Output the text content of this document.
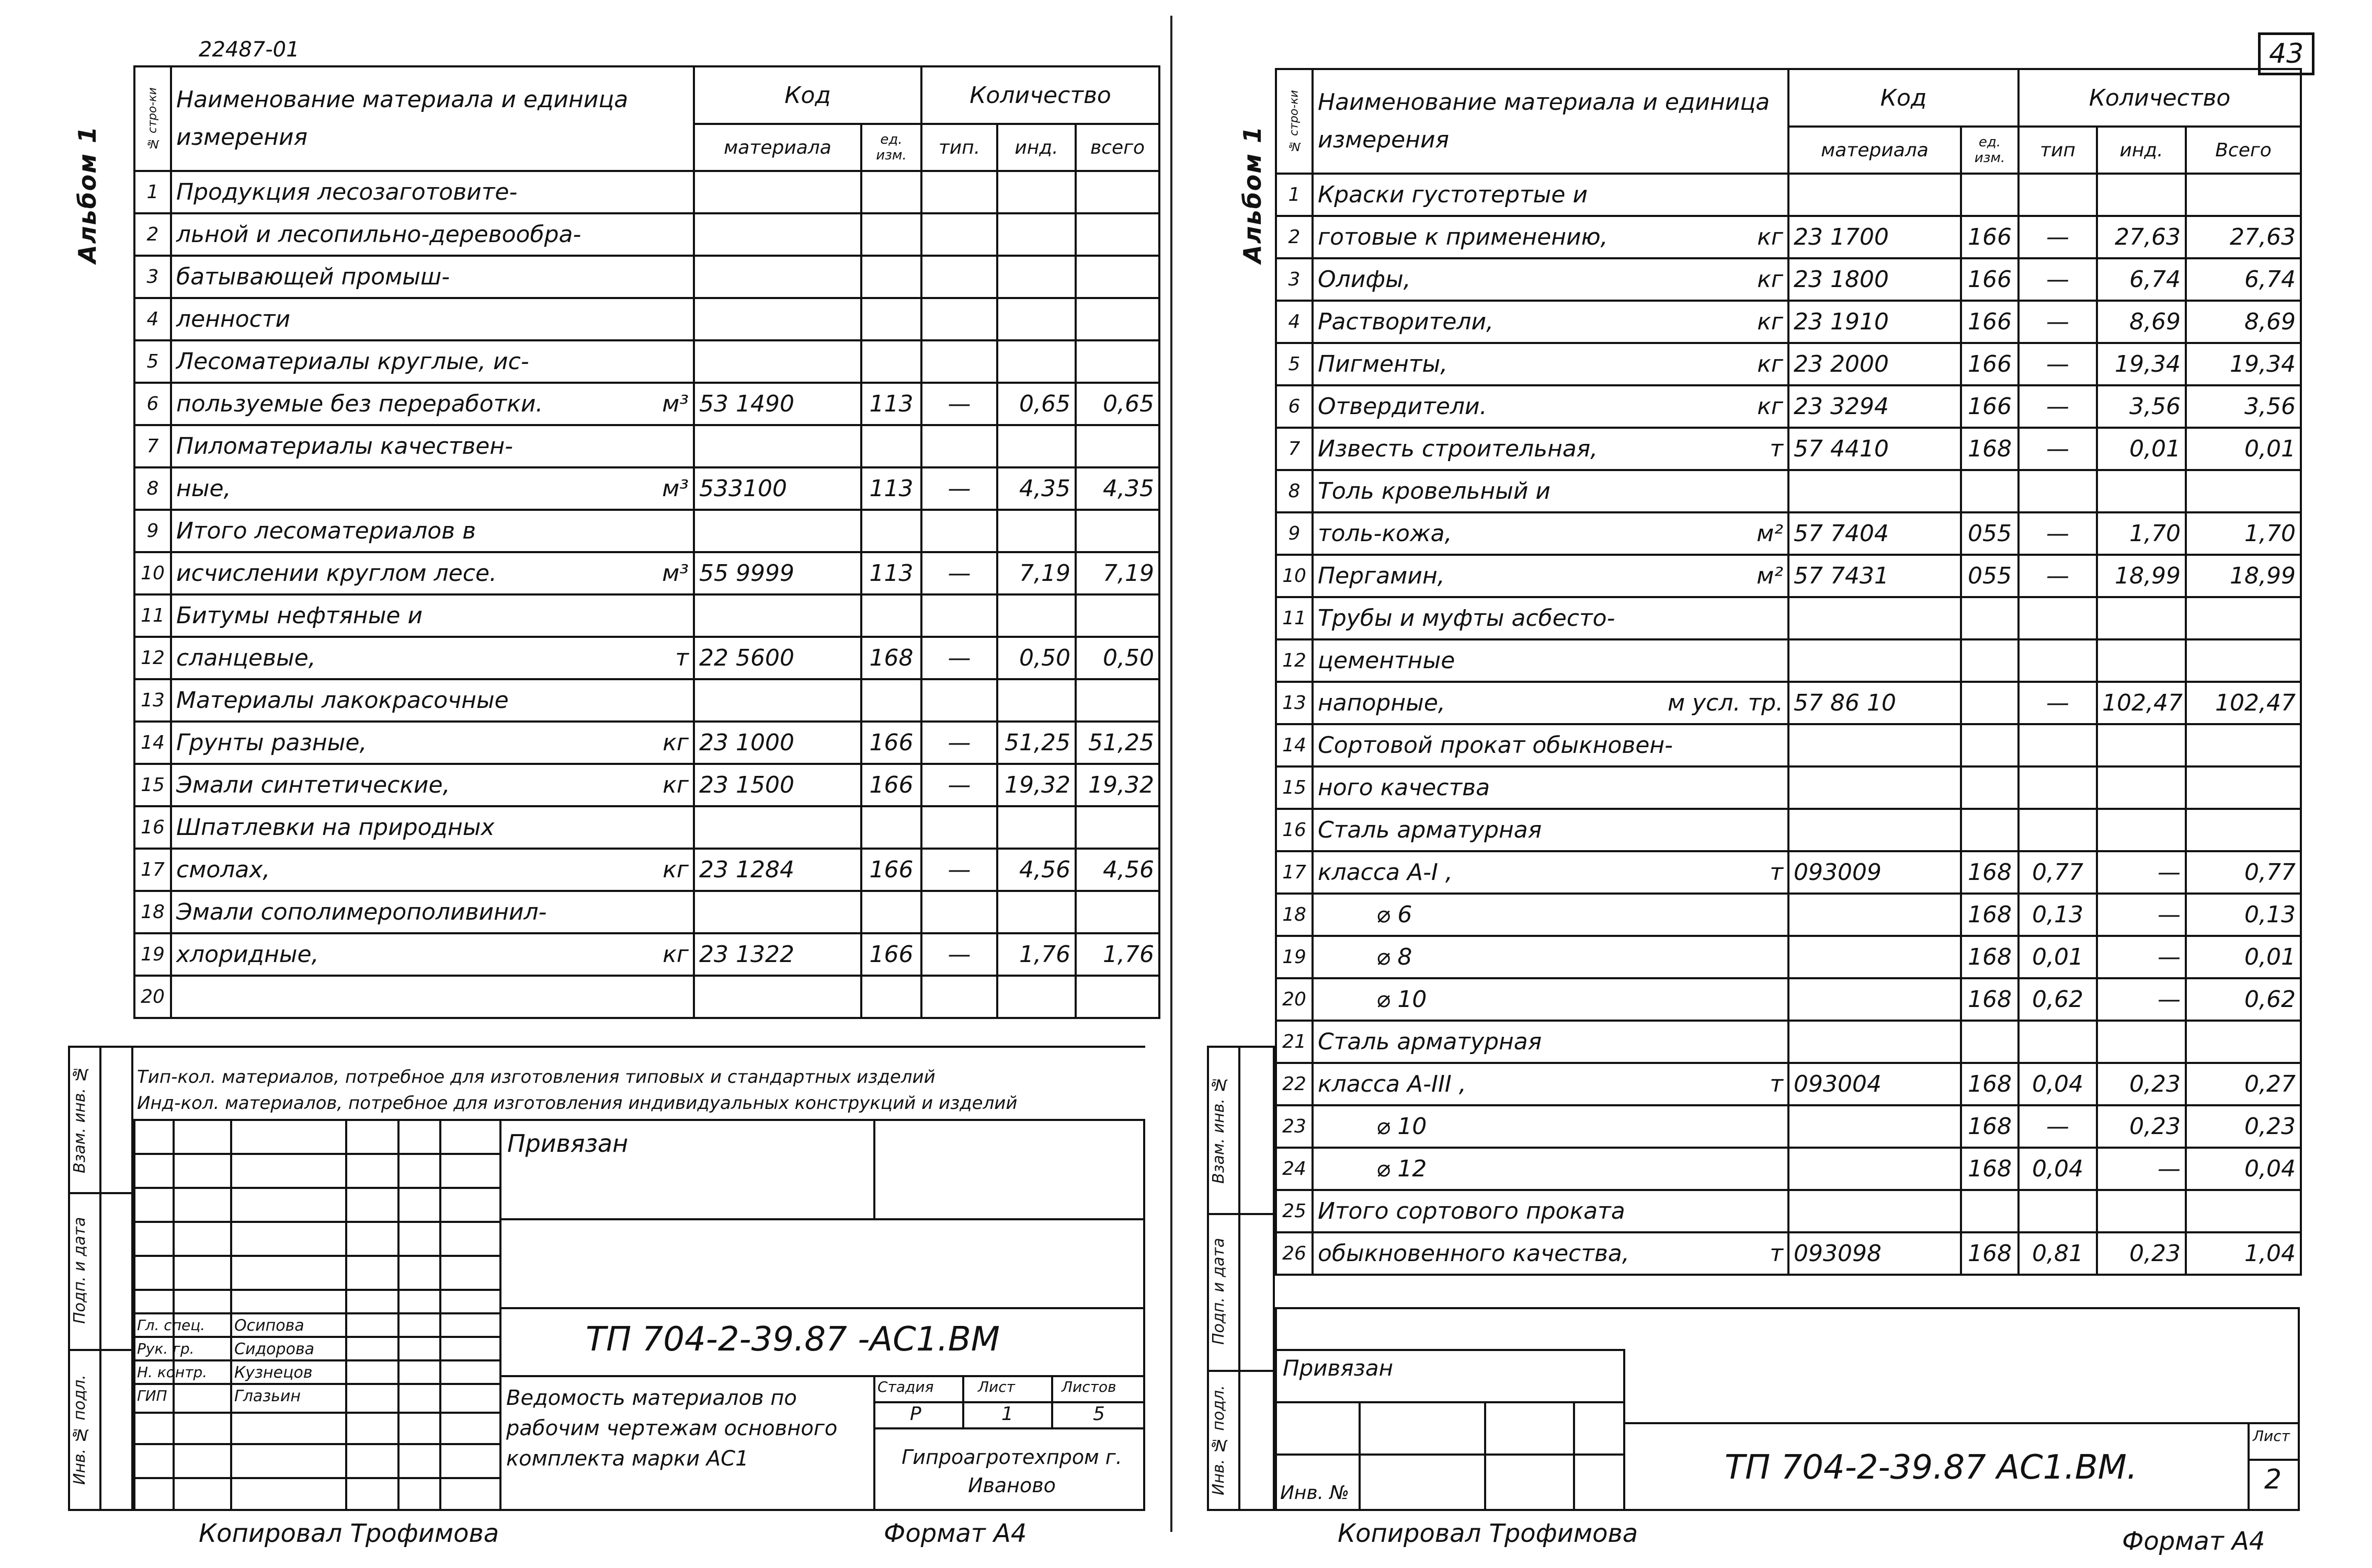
22487-01
Альбом 1
№ стро-ки	Наименование материала и единица измерения	Код		Количество		
		материала	ед. изм.	тип.	инд.	всего
1	Продукция лесозаготовите-					

2	льной и лесопильно-деревообра-					

3	батывающей промыш-					

4	ленности					

5	Лесоматериалы круглые, ис-					

6	пользуемые без переработки. м³	53 1490	113	—	0,65	0,65
7	Пиломатериалы качествен-					

8	ные, м³	533100	113	—	4,35	4,35
9	Итого лесоматериалов в					

10	исчислении круглом лесе. м³	55 9999	113	—	7,19	7,19
11	Битумы нефтяные и					

12	сланцевые, т	22 5600	168	—	0,50	0,50
13	Материалы лакокрасочные					

14	Грунты разные, кг	23 1000	166	—	51,25	51,25
15	Эмали синтетические, кг	23 1500	166	—	19,32	19,32
16	Шпатлевки на природных					

17	смолах, кг	23 1284	166	—	4,56	4,56
18	Эмали сополимерополивинил-					

19	хлоридные, кг	23 1322	166	—	1,76	1,76
20	

Тип-кол. материалов, потребное для изготовления типовых и стандартных изделий
Инд-кол. материалов, потребное для изготовления индивидуальных конструкций и изделий
Взам. инв. №
Подп. и дата
Инв. № подл.
Гл. спец. Осипова
Рук. гр.	Сидорова
Н. контр. Кузнецов
ГИП	Глазьин
Привязан
ТП 704-2-39.87 -АС1.ВМ
Ведомость материалов по рабочим чертежам основного комплекта марки АС1
Стадия	Лист	Листов
Р	1	5
Гипроагротехпром г. Иваново
Копировал Трофимова	Формат А4
43
Альбом 1
№ стро-ки	Наименование материала и единица измерения	Код		Количество		
		материала	ед. изм.	тип	инд.	Всего
1	Краски густотертые и					

2	готовые к применению, кг	23 1700	166	—	27,63	27,63
3	Олифы, кг	23 1800	166	—	6,74	6,74
4	Растворители, кг	23 1910	166	—	8,69	8,69
5	Пигменты, кг	23 2000	166	—	19,34	19,34
6	Отвердители. кг	23 3294	166	—	3,56	3,56
7	Известь строительная, т	57 4410	168	—	0,01	0,01
8	Толь кровельный и					

9	толь-кожа, м²	57 7404	055	—	1,70	1,70
10	Пергамин, м²	57 7431	055	—	18,99	18,99
11	Трубы и муфты асбесто-					

12	цементные					

13	напорные, м усл. тр.	57 86 10		—	102,47	102,47
14	Сортовой прокат обыкновен-					

15	ного качества					

16	Сталь арматурная					

17	класса А-I , т	093009	168	0,77	—	0,77
18	⌀ 6		168	0,13	—	0,13
19	⌀ 8		168	0,01	—	0,01
20	⌀ 10		168	0,62	—	0,62
21	Сталь арматурная					

22	класса А-III , т	093004	168	0,04	0,23	0,27
23	⌀ 10		168	—	0,23	0,23
24	⌀ 12		168	0,04	—	0,04
25	Итого сортового проката					

26	обыкновенного качества, т	093098	168	0,81	0,23	1,04
Взам. инв. №
Подп. и дата
Инв. № подл.
Привязан
Инв. №
ТП 704-2-39.87 АС1.ВМ.
Лист
2
Копировал Трофимова	Формат А4
